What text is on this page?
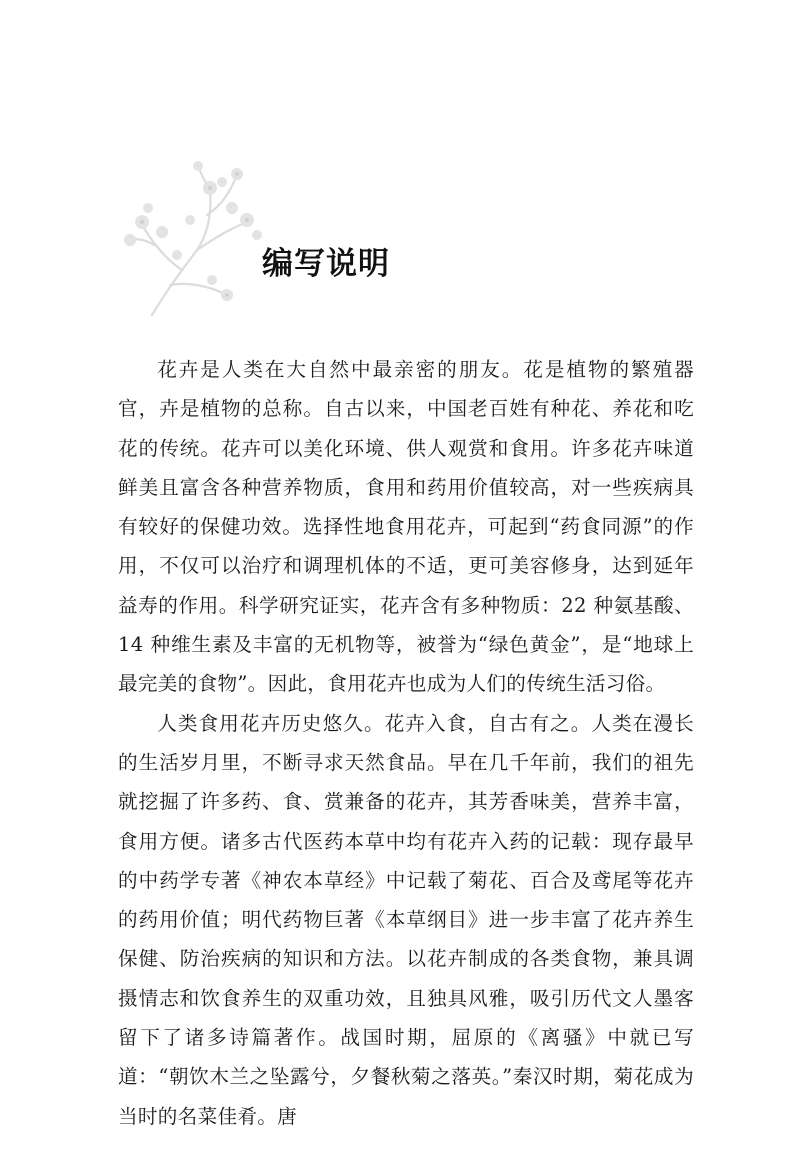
编写说明

花卉是人类在大自然中最亲密的朋友。花是植物的繁殖器官，卉是植物的总称。自古以来，中国老百姓有种花、养花和吃花的传统。花卉可以美化环境、供人观赏和食用。许多花卉味道鲜美且富含各种营养物质，食用和药用价值较高，对一些疾病具有较好的保健功效。选择性地食用花卉，可起到“药食同源”的作用，不仅可以治疗和调理机体的不适，更可美容修身，达到延年益寿的作用。科学研究证实，花卉含有多种物质：22 种氨基酸、14 种维生素及丰富的无机物等，被誉为“绿色黄金”，是“地球上最完美的食物”。因此，食用花卉也成为人们的传统生活习俗。

人类食用花卉历史悠久。花卉入食，自古有之。人类在漫长的生活岁月里，不断寻求天然食品。早在几千年前，我们的祖先就挖掘了许多药、食、赏兼备的花卉，其芳香味美，营养丰富，食用方便。诸多古代医药本草中均有花卉入药的记载：现存最早的中药学专著《神农本草经》中记载了菊花、百合及鸢尾等花卉的药用价值；明代药物巨著《本草纲目》进一步丰富了花卉养生保健、防治疾病的知识和方法。以花卉制成的各类食物，兼具调摄情志和饮食养生的双重功效，且独具风雅，吸引历代文人墨客留下了诸多诗篇著作。战国时期，屈原的《离骚》中就已写道：“朝饮木兰之坠露兮，夕餐秋菊之落英。”秦汉时期，菊花成为当时的名菜佳肴。唐
